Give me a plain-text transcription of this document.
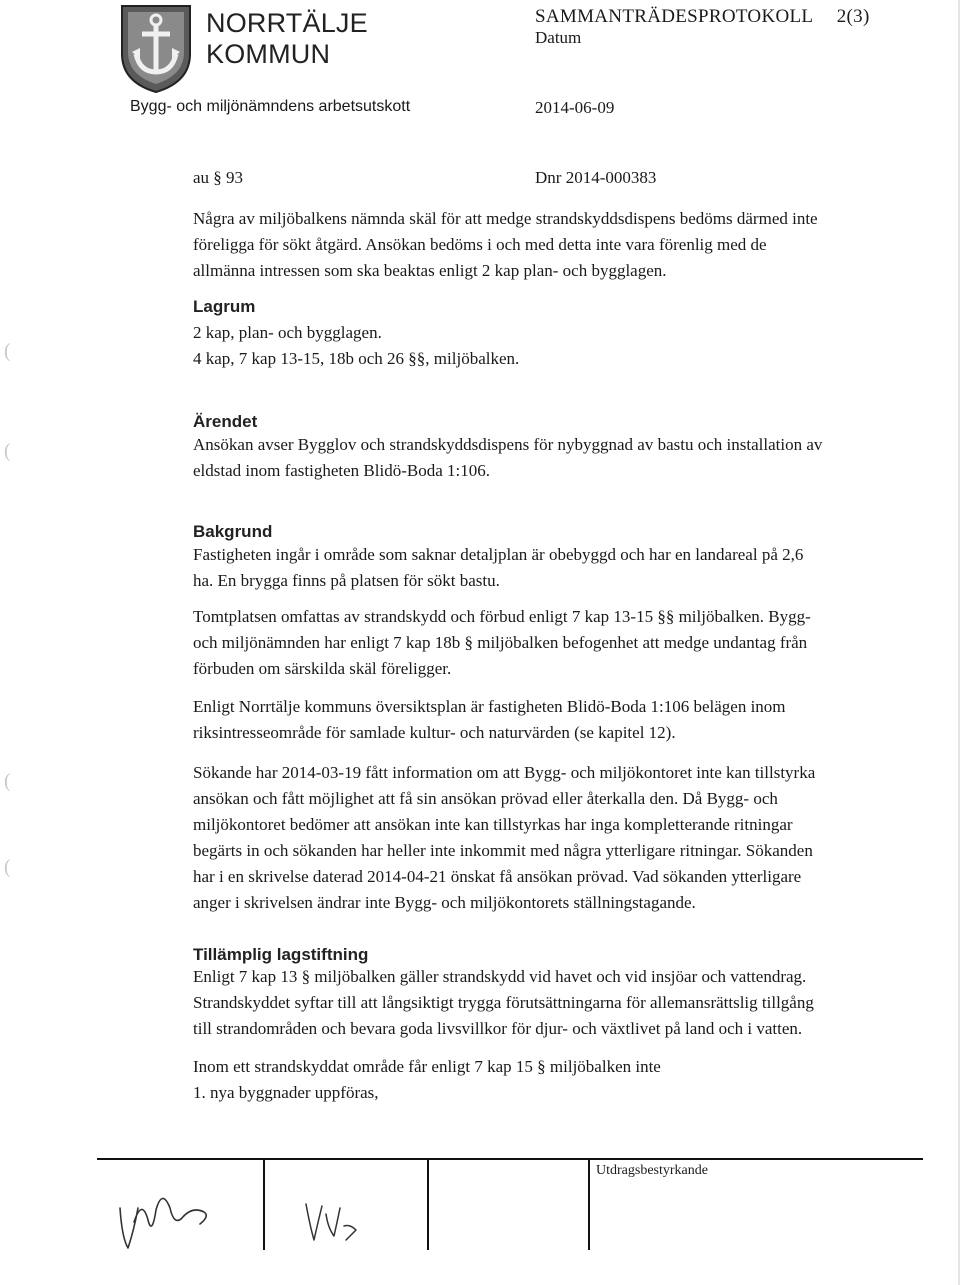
NORRTÄLJE
KOMMUN
SAMMANTRÄDESPROTOKOLL 2(3)
Datum
Bygg- och miljönämndens arbetsutskott	2014-06-09
au § 93	Dnr 2014-000383
Några av miljöbalkens nämnda skäl för att medge strandskyddsdispens bedöms därmed inte
föreligga för sökt åtgärd. Ansökan bedöms i och med detta inte vara förenlig med de
allmänna intressen som ska beaktas enligt 2 kap plan- och bygglagen.
Lagrum
2 kap, plan- och bygglagen.
4 kap, 7 kap 13-15, 18b och 26 §§, miljöbalken.
Ärendet
Ansökan avser Bygglov och strandskyddsdispens för nybyggnad av bastu och installation av
eldstad inom fastigheten Blidö-Boda 1:106.
Bakgrund
Fastigheten ingår i område som saknar detaljplan är obebyggd och har en landareal på 2,6
ha. En brygga finns på platsen för sökt bastu.
Tomtplatsen omfattas av strandskydd och förbud enligt 7 kap 13-15 §§ miljöbalken. Bygg-
och miljönämnden har enligt 7 kap 18b § miljöbalken befogenhet att medge undantag från
förbuden om särskilda skäl föreligger.
Enligt Norrtälje kommuns översiktsplan är fastigheten Blidö-Boda 1:106 belägen inom
riksintresseområde för samlade kultur- och naturvärden (se kapitel 12).
Sökande har 2014-03-19 fått information om att Bygg- och miljökontoret inte kan tillstyrka
ansökan och fått möjlighet att få sin ansökan prövad eller återkalla den. Då Bygg- och
miljökontoret bedömer att ansökan inte kan tillstyrkas har inga kompletterande ritningar
begärts in och sökanden har heller inte inkommit med några ytterligare ritningar. Sökanden
har i en skrivelse daterad 2014-04-21 önskat få ansökan prövad. Vad sökanden ytterligare
anger i skrivelsen ändrar inte Bygg- och miljökontorets ställningstagande.
Tillämplig lagstiftning
Enligt 7 kap 13 § miljöbalken gäller strandskydd vid havet och vid insjöar och vattendrag.
Strandskyddet syftar till att långsiktigt trygga förutsättningarna för allemansrättslig tillgång
till strandområden och bevara goda livsvillkor för djur- och växtlivet på land och i vatten.
Inom ett strandskyddat område får enligt 7 kap 15 § miljöbalken inte
1. nya byggnader uppföras,
Utdragsbestyrkande
(
(
(
(
